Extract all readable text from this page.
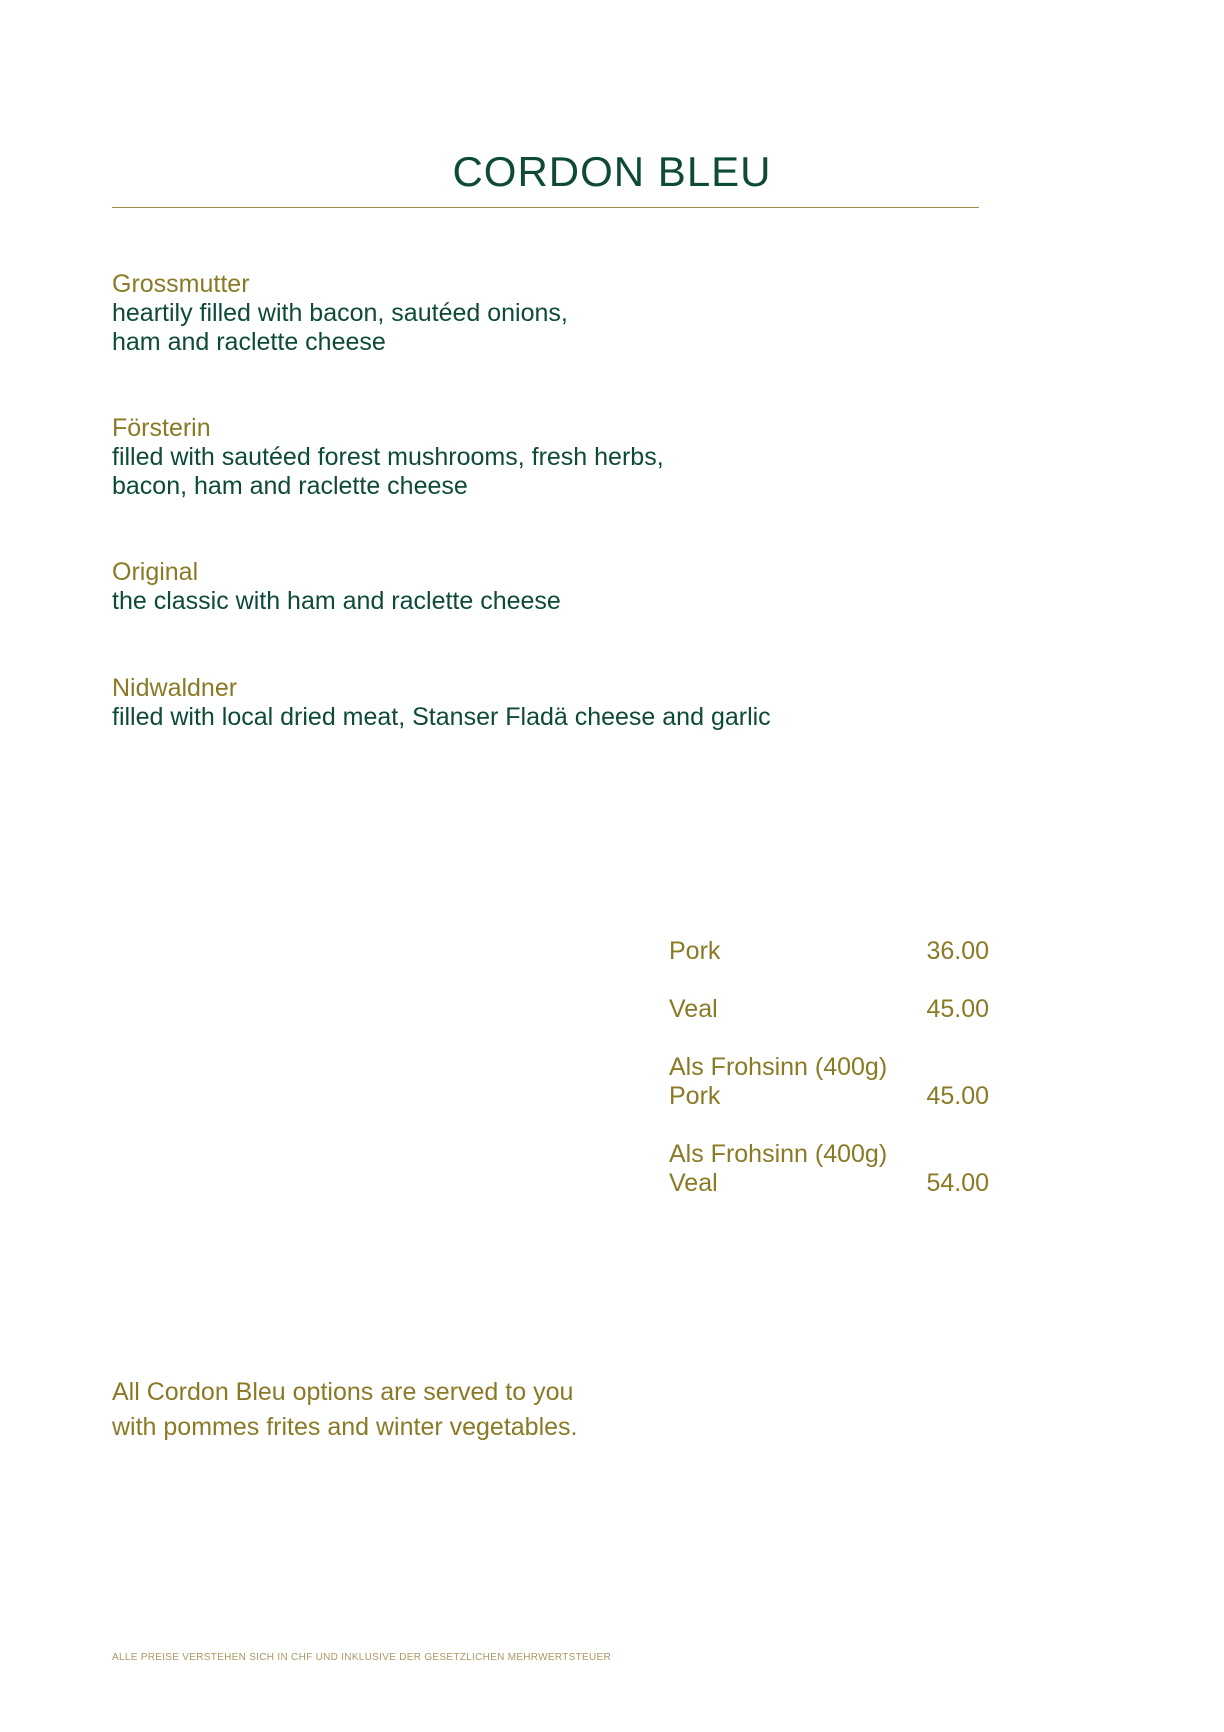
CORDON BLEU
Grossmutter
heartily filled with bacon, sautéed onions,
ham and raclette cheese
Försterin
filled with sautéed forest mushrooms, fresh herbs,
bacon, ham and raclette cheese
Original
the classic with ham and raclette cheese
Nidwaldner
filled with local dried meat, Stanser Fladä cheese and garlic
Pork	36.00
Veal	45.00
Als Frohsinn (400g)
Pork	45.00
Als Frohsinn (400g)
Veal	54.00
All Cordon Bleu options are served to you
with pommes frites and winter vegetables.
ALLE PREISE VERSTEHEN SICH IN CHF UND INKLUSIVE DER GESETZLICHEN MEHRWERTSTEUER
